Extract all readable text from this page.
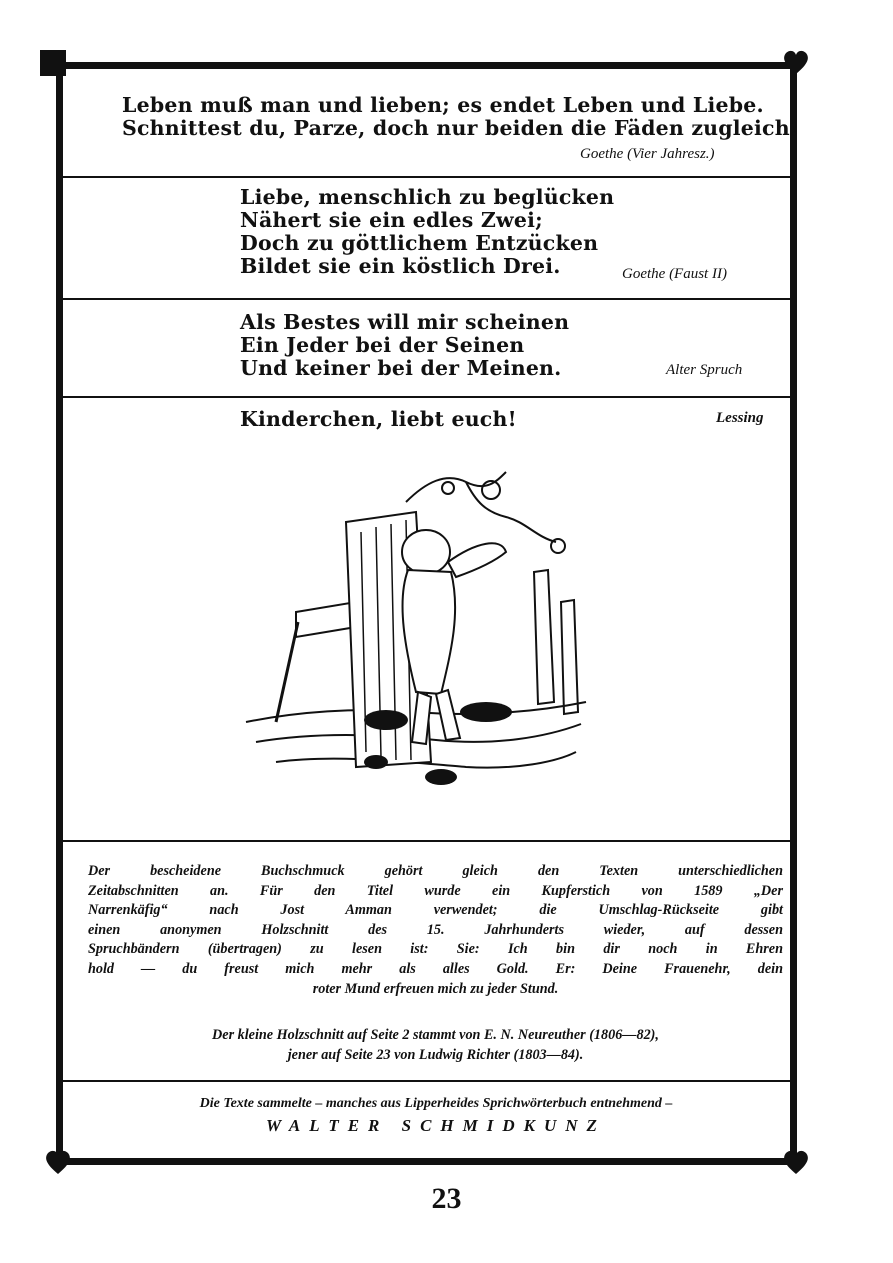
Leben muß man und lieben; es endet Leben und Liebe.
Schnittest du, Parze, doch nur beiden die Fäden zugleich!
Goethe (Vier Jahresz.)
Liebe, menschlich zu beglücken
Nähert sie ein edles Zwei;
Doch zu göttlichem Entzücken
Bildet sie ein köstlich Drei.	Goethe (Faust II)
Als Bestes will mir scheinen
Ein Jeder bei der Seinen
Und keiner bei der Meinen.	Alter Spruch
Kinderchen, liebt euch!	Lessing
Der bescheidene Buchschmuck gehört gleich den Texten unterschiedlichen
Zeitabschnitten an. Für den Titel wurde ein Kupferstich von 1589 „Der
Narrenkäfig“ nach Jost Amman verwendet; die Umschlag-Rückseite gibt
einen anonymen Holzschnitt des 15. Jahrhunderts wieder, auf dessen
Spruchbändern (übertragen) zu lesen ist: Sie: Ich bin dir noch in Ehren
hold — du freust mich mehr als alles Gold. Er: Deine Frauenehr, dein
roter Mund erfreuen mich zu jeder Stund.
Der kleine Holzschnitt auf Seite 2 stammt von E. N. Neureuther (1806—82),
jener auf Seite 23 von Ludwig Richter (1803—84).
Die Texte sammelte – manches aus Lipperheides Sprichwörterbuch entnehmend –
WALTER SCHMIDKUNZ
23
